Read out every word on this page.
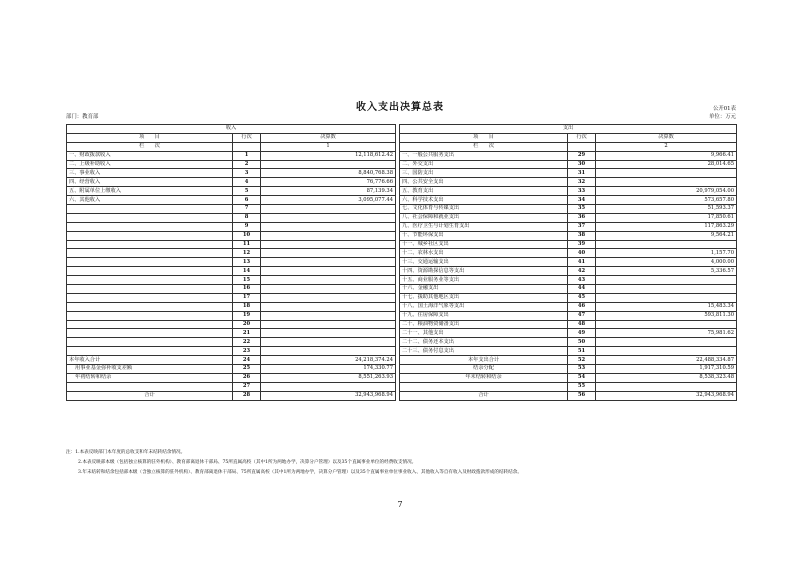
收入支出决算总表	公开01表
部门：教育部	单位：万元
收入				支出		
项　　目	行次	决算数		项　　目	行次	决算数
栏　　次		1		栏　　次		2
一、财政拨款收入	1	12,118,612.42		一、一般公共服务支出	29	9,966.41
二、上级补助收入	2			二、外交支出	30	28,014.65
三、事业收入	3	8,840,768.38		三、国防支出	31	
四、经营收入	4	76,776.66		四、公共安全支出	32	
五、附属单位上缴收入	5	87,139.34		五、教育支出	33	20,979,054.00
六、其他收入	6	3,095,077.44		六、科学技术支出	34	573,657.80
	7			七、文化体育与传媒支出	35	51,593.37
	8			八、社会保障和就业支出	36	17,850.61
	9			九、医疗卫生与计划生育支出	37	117,863.29
	10			十、节能环保支出	38	9,564.21
	11			十一、城乡社区支出	39	
	12			十二、农林水支出	40	1,157.70
	13			十三、交通运输支出	41	4,000.00
	14			十四、资源勘探信息等支出	42	5,336.57
	15			十五、商业服务业等支出	43	
	16			十六、金融支出	44	
	17			十七、援助其他地区支出	45	
	18			十八、国土海洋气象等支出	46	15,483.34
	19			十九、住房保障支出	47	593,811.30
	20			二十、粮油物资储备支出	48	
	21			二十一、其他支出	49	75,981.62
	22			二十二、债务还本支出	50	
	23			二十三、债务付息支出	51	
本年收入合计	24	24,218,374.24		本年支出合计	52	22,488,334.87
用事业基金弥补收支差额	25	174,330.77		结余分配	53	1,917,310.59
年初结转和结余	26	8,551,263.93		年末结转和结余	54	8,538,323.48
	27				55	
合计	28	32,943,968.94		合计	56	32,943,968.94
注：1.本表反映部门本年度的总收支和年末结转结余情况。
2.本表反映部本级（包括独立核算的驻外机构）、教育部离退休干部局、75所直属高校（其中1所为两地办学，决算分户管理）以及35个直属事业单位的经费收支情况。
3.年末结转和结余包括部本级（含独立核算的驻外机构）、教育部离退休干部局、75所直属高校（其中1所为两地办学，决算分户管理）以及35个直属事业单位事业收入、其他收入等自有收入及财政拨款形成的结转结余。
7
